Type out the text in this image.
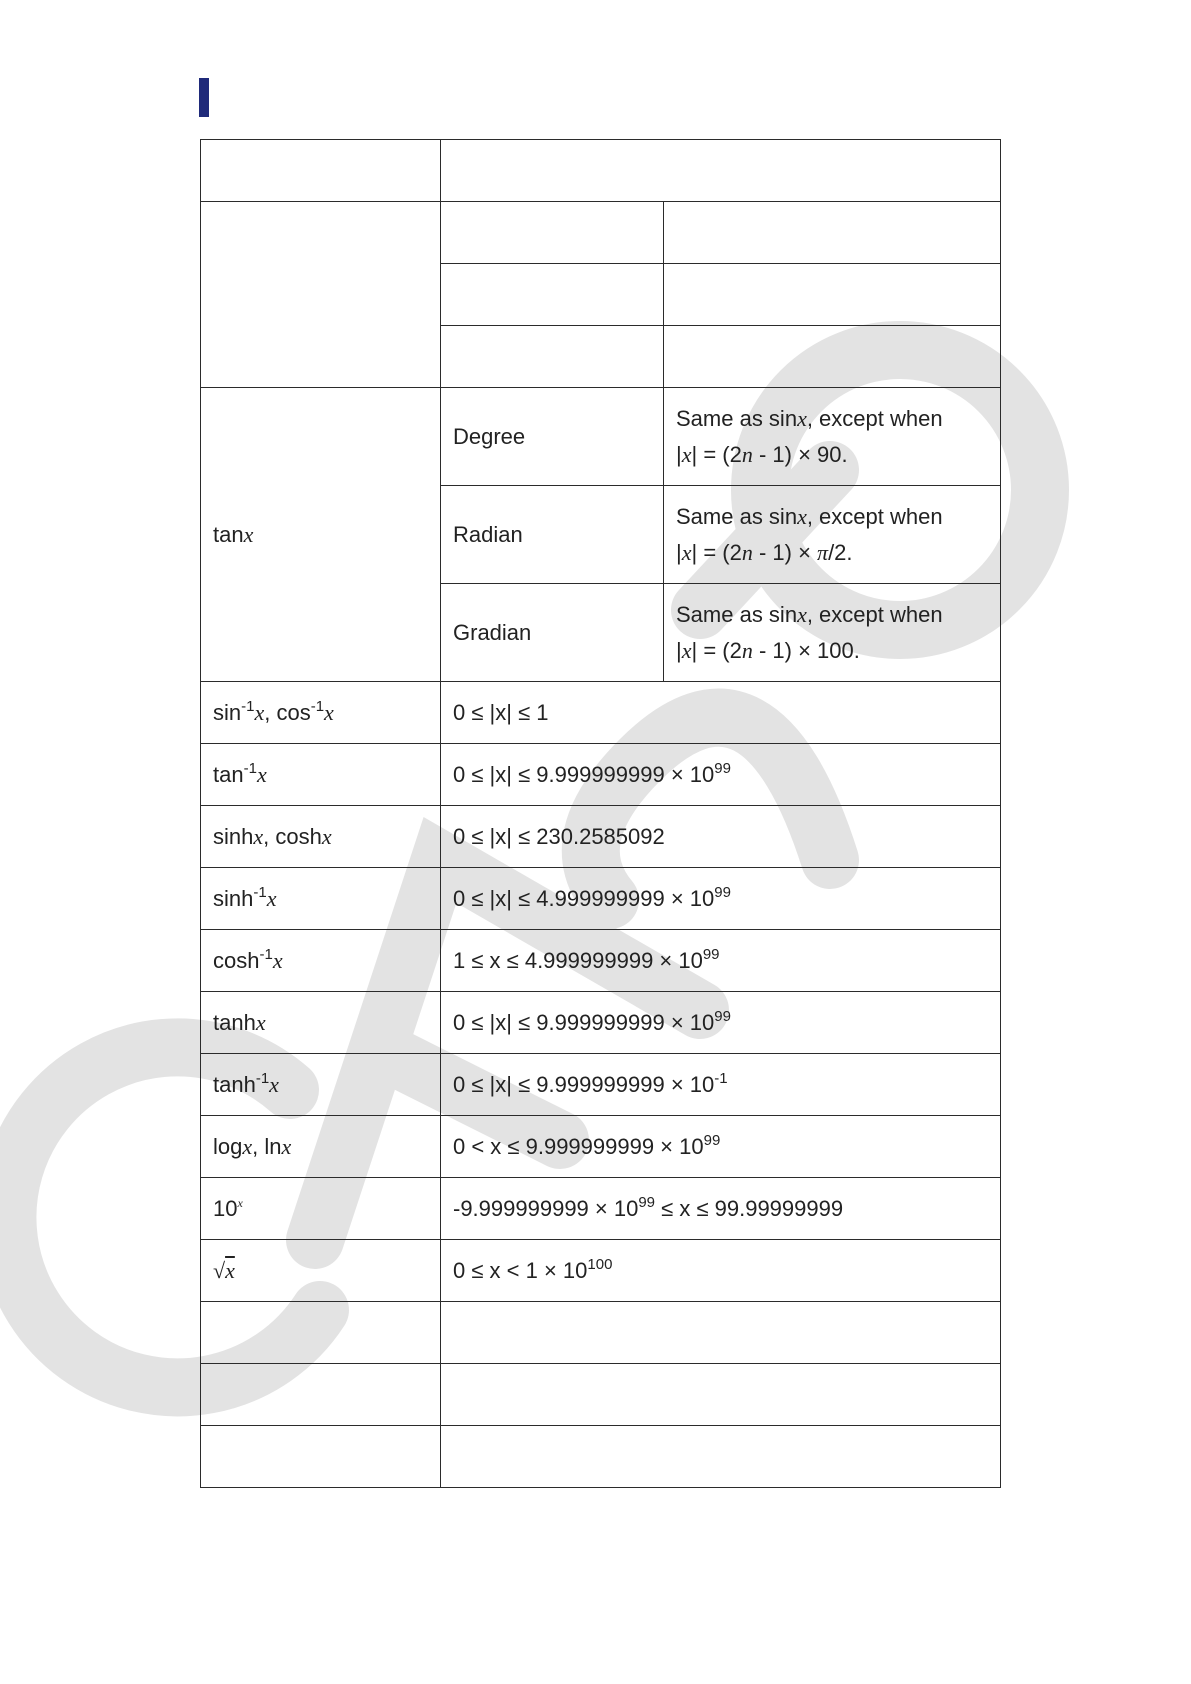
tanx	Degree	Same as sinx, except when
|x| = (2n - 1) × 90.
	Radian	Same as sinx, except when
|x| = (2n - 1) × π/2.
	Gradian	Same as sinx, except when
|x| = (2n - 1) × 100.
$\sin^{-1}x$, $\cos^{-1}x$	0 ≤ |x| ≤ 1	
$\tan^{-1}x$	$0 \le |x| \le 9.999999999 \times 10^{99}$
sinhx, coshx	0 ≤ |x| ≤ 230.2585092	
$\sinh^{-1}x$	$0 \le |x| \le 4.999999999 \times 10^{99}$
$\cosh^{-1}x$	$1 \le x \le 4.999999999 \times 10^{99}$
tanhx	$0 \le |x| \le 9.999999999 \times 10^{99}$
$\tanh^{-1}x$	$0 \le |x| \le 9.999999999 \times 10^{-1}$
logx, lnx	$0 < x \le 9.999999999 \times 10^{99}$
10$^x$	$-9.999999999 \times 10^{99} \le x \le 99.99999999$	
√x	$0 \le x < 1 \times 10^{100}$
